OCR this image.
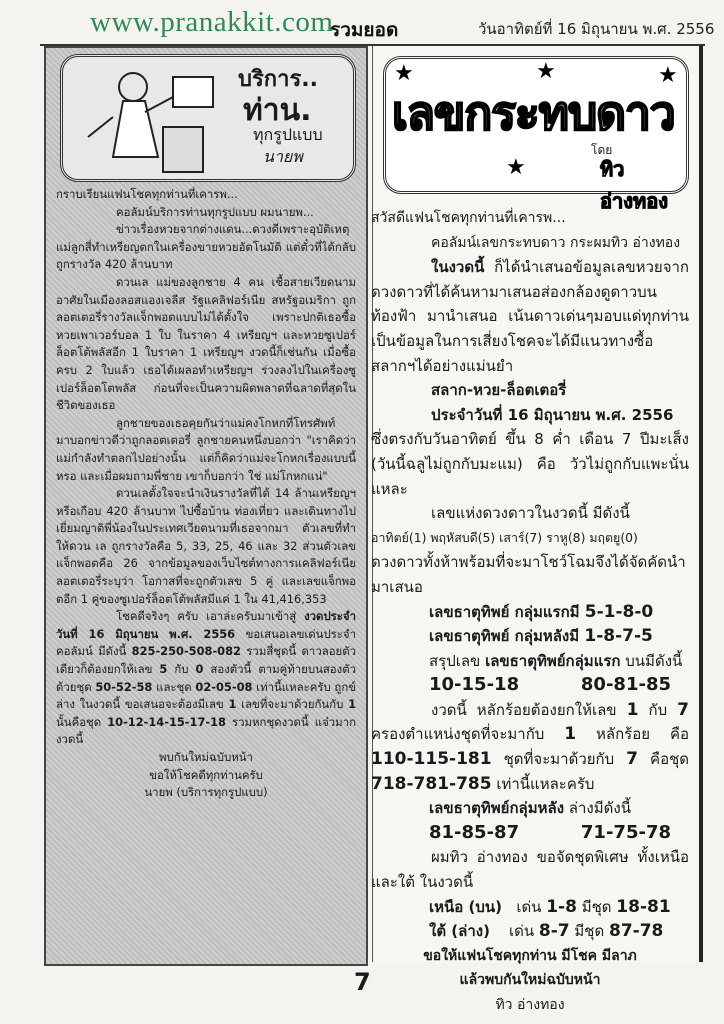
www.pranakkit.com
รวมยอด	วันอาทิตย์ที่ 16 มิถุนายน พ.ศ. 2556
บริการ..
ท่าน.
ทุกรูปแบบ
นายพ

กราบเรียนแฟนโชคทุกท่านที่เคารพ...

คอลัมน์บริการท่านทุกรูปแบบ ผมนายพ...

ข่าวเรื่องหวยจากต่างแดน...ดวงดีเพราะอุบัติเหตุ แม่ลูกสี่ทำเหรียญตกในเครื่องขายหวยอัตโนมัติ แต่ตั๋วที่ได้กลับถูกรางวัล 420 ล้านบาท

ดวนเล แม่ของลูกชาย 4 คน เชื้อสายเวียดนาม อาศัยในเมืองลอสแองเจลีส รัฐแคลิฟอร์เนีย สหรัฐอเมริกา ถูกลอตเตอรี่รางวัลแจ็กพอตแบบไม่ได้ตั้งใจ เพราะปกติเธอซื้อหวยเพาเวอร์บอล 1 ใบ ในราคา 4 เหรียญฯ และหวยซูเปอร์ล็อตโต้พลัสอีก 1 ใบราคา 1 เหรียญฯ งวดนี้ก็เช่นกัน เมื่อซื้อครบ 2 ใบแล้ว เธอได้เผลอทำเหรียญฯ ร่วงลงไปในเครื่องซูเปอร์ล็อตโตพลัส ก่อนที่จะเป็นความผิดพลาดที่ฉลาดที่สุดในชีวิตของเธอ

ลูกชายของเธอคุยกันว่าแม่คงโกหกที่โทรศัพท์มาบอกข่าวดีว่าถูกลอตเตอรี่ ลูกชายคนหนึ่งบอกว่า "เราคิดว่าแม่กำลังทำตลกไปอย่างนั้น แต่ก็คิดว่าแม่จะโกหกเรื่องแบบนี้หรอ และเมื่อผมถามพี่ชาย เขาก็บอกว่า ใช่ แม่โกหกแน่"

ดวนเลตั้งใจจะนำเงินรางวัลที่ได้ 14 ล้านเหรียญฯ หรือเกือบ 420 ล้านบาท ไปซื้อบ้าน ท่องเที่ยว และเดินทางไปเยี่ยมญาติพี่น้องในประเทศเวียดนามที่เธอจากมา ตัวเลขที่ทำให้ดวน เล ถูกรางวัลคือ 5, 33, 25, 46 และ 32 ส่วนตัวเลขแจ็กพอตคือ 26 จากข้อมูลของเว็บไซต์ทางการแคลิฟอร์เนียลอตเตอรี่ระบุว่า โอกาสที่จะถูกตัวเลข 5 คู่ และเลขแจ็กพอตอีก 1 คู่ของซูเปอร์ล็อตโต้พลัสมีแค่ 1 ใน 41,416,353

โชคดีจริงๆ ครับ เอาล่ะครับมาเข้าสู่ งวดประจำวันที่ 16 มิถุนายน พ.ศ. 2556 ขอเสนอเลขเด่นประจำคอลัมน์ มีดังนี้ 825-250-508-082 รวมสี่ชุดนี้ ดาวลอยตัวเดียวก็ต้องยกให้เลข 5 กับ 0 สองตัวนี้ ตามคู่ท้ายบนสองตัวด้วยชุด 50-52-58 และชุด 02-05-08 เท่านี้แหละครับ ถูกข์ล่าง ในงวดนี้ ขอเสนอจะต้องมีเลข 1 เลขที่จะมาด้วยกันกับ 1 นั้นคือชุด 10-12-14-15-17-18 รวมหกชุดงวดนี้ แจ๋วมากงวดนี้

พบกันใหม่ฉบับหน้า

ขอให้โชคดีทุกท่านครับ

นายพ (บริการทุกรูปแบบ)

★	★	★
★
เลขกระทบดาว
โดย
ทิว อ่างทอง

สวัสดีแฟนโชคทุกท่านที่เคารพ...

คอลัมน์เลขกระทบดาว กระผมทิว อ่างทอง

ในงวดนี้ ก็ได้นำเสนอข้อมูลเลขหวยจากดวงดาวที่ได้ค้นหามาเสนอส่องกล้องดูดาวบนท้องฟ้า มานำเสนอ เน้นดาวเด่นๆมอบแด่ทุกท่านเป็นข้อมูลในการเสี่ยงโชคจะได้มีแนวทางซื้อสลากฯได้อย่างแม่นยำ

สลาก-หวย-ล็อตเตอรี่

ประจำวันที่ 16 มิถุนายน พ.ศ. 2556

ซึ่งตรงกับวันอาทิตย์ ขึ้น 8 ค่ำ เดือน 7 ปีมะเส็ง (วันนี้ฉลูไม่ถูกกับมะแม) คือ วัวไม่ถูกกับแพะนั่นแหละ

เลขแห่งดวงดาวในงวดนี้ มีดังนี้

อาทิตย์(1) พฤหัสบดี(5) เสาร์(7) ราหู(8) มฤตยู(0)

ดวงดาวทั้งห้าพร้อมที่จะมาโชว์โฉมจึงได้จัดคัดนำมาเสนอ

เลขธาตุทิพย์ กลุ่มแรกมี 5-1-8-0

เลขธาตุทิพย์ กลุ่มหลังมี 1-8-7-5

สรุปเลข เลขธาตุทิพย์กลุ่มแรก บนมีดังนี้

10-15-18	80-81-85

งวดนี้ หลักร้อยต้องยกให้เลข 1 กับ 7 ครองตำแหน่งชุดที่จะมากับ 1 หลักร้อย คือ 110-115-181 ชุดที่จะมาด้วยกับ 7 คือชุด 718-781-785 เท่านี้แหละครับ

เลขธาตุทิพย์กลุ่มหลัง ล่างมีดังนี้

81-85-87	71-75-78

ผมทิว อ่างทอง ขอจัดชุดพิเศษ ทั้งเหนือและใต้ ในงวดนี้

เหนือ (บน) เด่น 1-8 มีชุด 18-81

ใต้ (ล่าง) เด่น 8-7 มีชุด 87-78

ขอให้แฟนโชคทุกท่าน มีโชค มีลาภ

แล้วพบกันใหม่ฉบับหน้า

ทิว อ่างทอง

7
